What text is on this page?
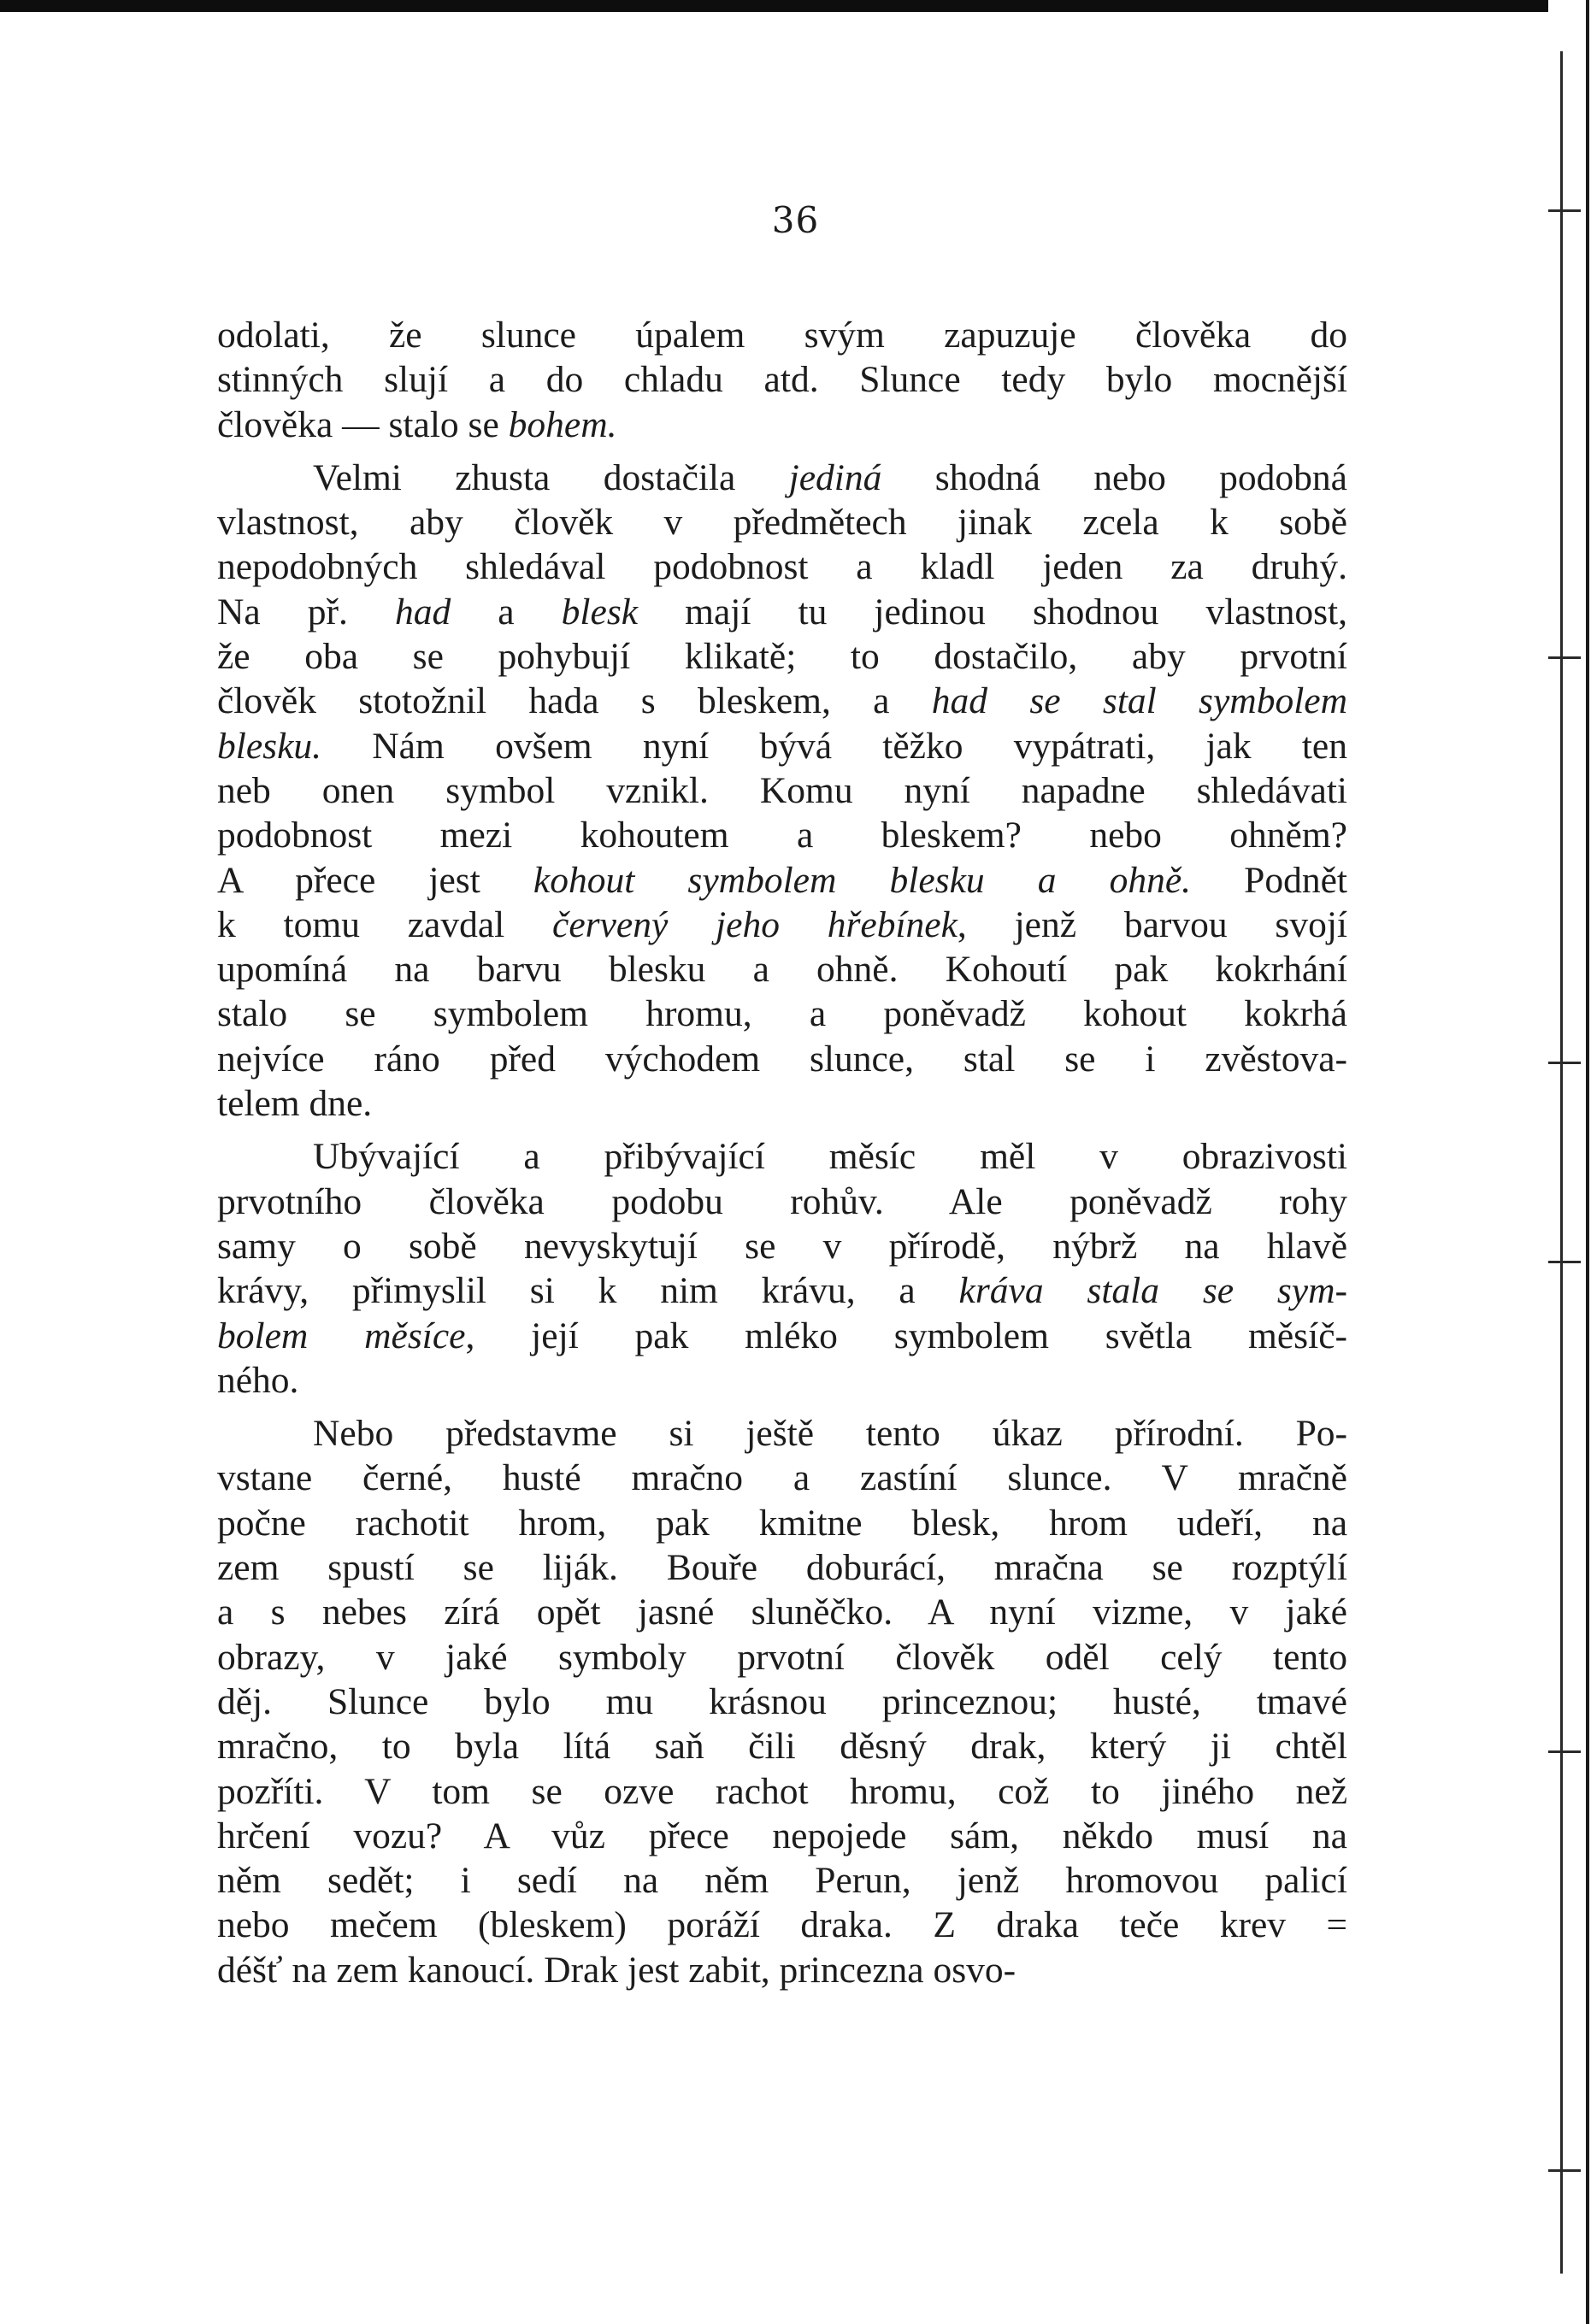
36

odolati, že slunce úpalem svým zapuzuje člověka do
stinných slují a do chladu atd. Slunce tedy bylo mocnější
člověka — stalo se bohem.

Velmi zhusta dostačila jediná shodná nebo podobná
vlastnost, aby člověk v předmětech jinak zcela k sobě
nepodobných shledával podobnost a kladl jeden za druhý.
Na př. had a blesk mají tu jedinou shodnou vlastnost,
že oba se pohybují klikatě; to dostačilo, aby prvotní
člověk stotožnil hada s bleskem, a had se stal symbolem
blesku. Nám ovšem nyní bývá těžko vypátrati, jak ten
neb onen symbol vznikl. Komu nyní napadne shledávati
podobnost mezi kohoutem a bleskem? nebo ohněm?
A přece jest kohout symbolem blesku a ohně. Podnět
k tomu zavdal červený jeho hřebínek, jenž barvou svojí
upomíná na barvu blesku a ohně. Kohoutí pak kokrhání
stalo se symbolem hromu, a poněvadž kohout kokrhá
nejvíce ráno před východem slunce, stal se i zvěstova-
telem dne.

Ubývající a přibývající měsíc měl v obrazivosti
prvotního člověka podobu rohův. Ale poněvadž rohy
samy o sobě nevyskytují se v přírodě, nýbrž na hlavě
krávy, přimyslil si k nim krávu, a kráva stala se sym-
bolem měsíce, její pak mléko symbolem světla měsíč-
ného.

Nebo představme si ještě tento úkaz přírodní. Po-
vstane černé, husté mračno a zastíní slunce. V mračně
počne rachotit hrom, pak kmitne blesk, hrom udeří, na
zem spustí se liják. Bouře doburácí, mračna se rozptýlí
a s nebes zírá opět jasné sluněčko. A nyní vizme, v jaké
obrazy, v jaké symboly prvotní člověk oděl celý tento
děj. Slunce bylo mu krásnou princeznou; husté, tmavé
mračno, to byla lítá saň čili děsný drak, který ji chtěl
pozříti. V tom se ozve rachot hromu, což to jiného než
hrčení vozu? A vůz přece nepojede sám, někdo musí na
něm sedět; i sedí na něm Perun, jenž hromovou palicí
nebo mečem (bleskem) poráží draka. Z draka teče krev =
déšť na zem kanoucí. Drak jest zabit, princezna osvo-
